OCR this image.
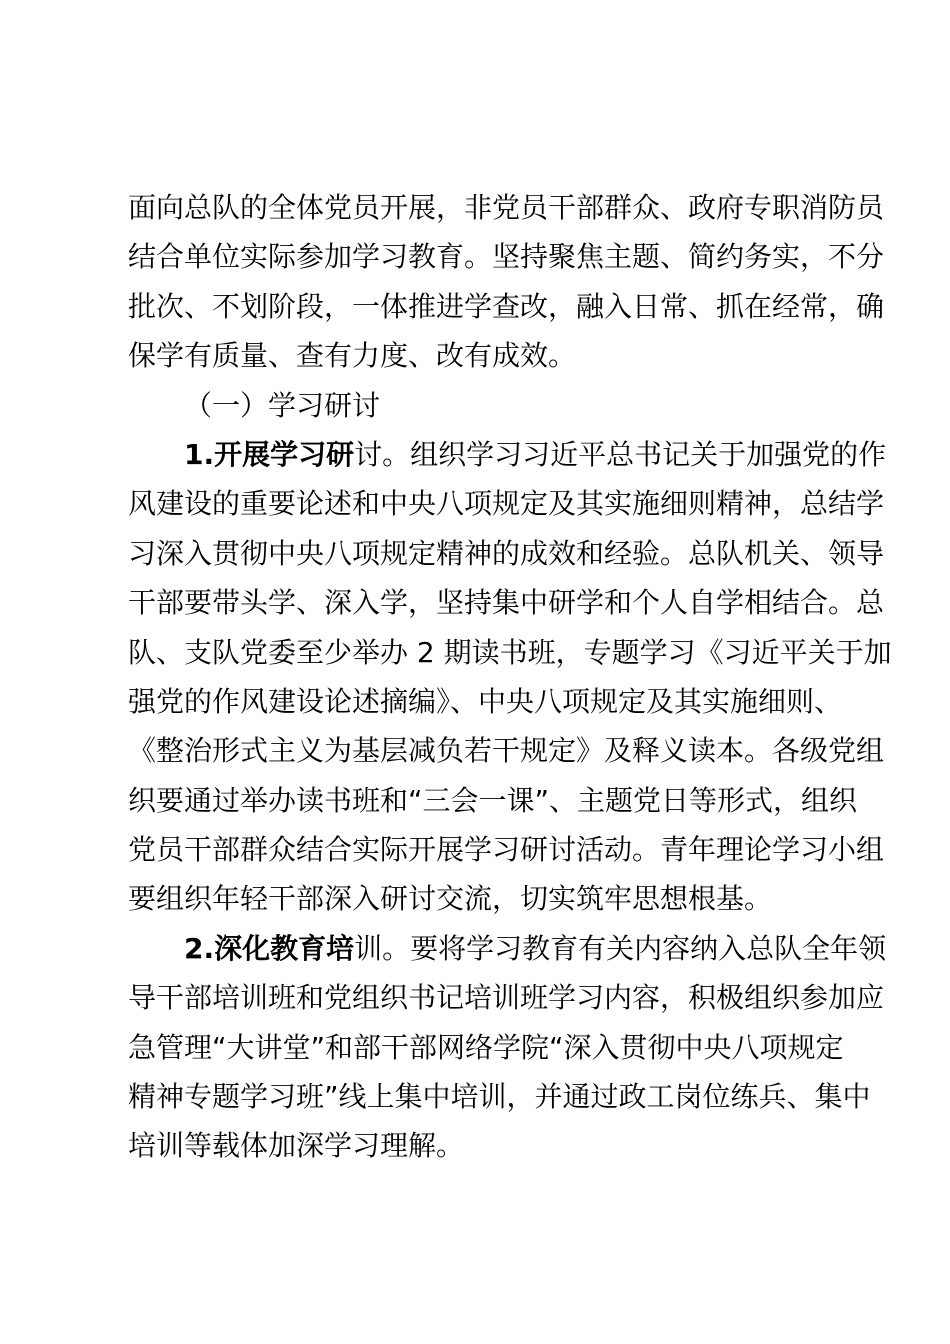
面向总队的全体党员开展，非党员干部群众、政府专职消防员
结合单位实际参加学习教育。坚持聚焦主题、简约务实，不分
批次、不划阶段，一体推进学查改，融入日常、抓在经常，确
保学有质量、查有力度、改有成效。
（一）学习研讨
1.开展学习研讨。组织学习习近平总书记关于加强党的作
风建设的重要论述和中央八项规定及其实施细则精神，总结学
习深入贯彻中央八项规定精神的成效和经验。总队机关、领导
干部要带头学、深入学，坚持集中研学和个人自学相结合。总
队、支队党委至少举办 2 期读书班，专题学习《习近平关于加
强党的作风建设论述摘编》、中央八项规定及其实施细则、
《整治形式主义为基层减负若干规定》及释义读本。各级党组
织要通过举办读书班和“三会一课”、主题党日等形式，组织
党员干部群众结合实际开展学习研讨活动。青年理论学习小组
要组织年轻干部深入研讨交流，切实筑牢思想根基。
2.深化教育培训。要将学习教育有关内容纳入总队全年领
导干部培训班和党组织书记培训班学习内容，积极组织参加应
急管理“大讲堂”和部干部网络学院“深入贯彻中央八项规定
精神专题学习班”线上集中培训，并通过政工岗位练兵、集中
培训等载体加深学习理解。
